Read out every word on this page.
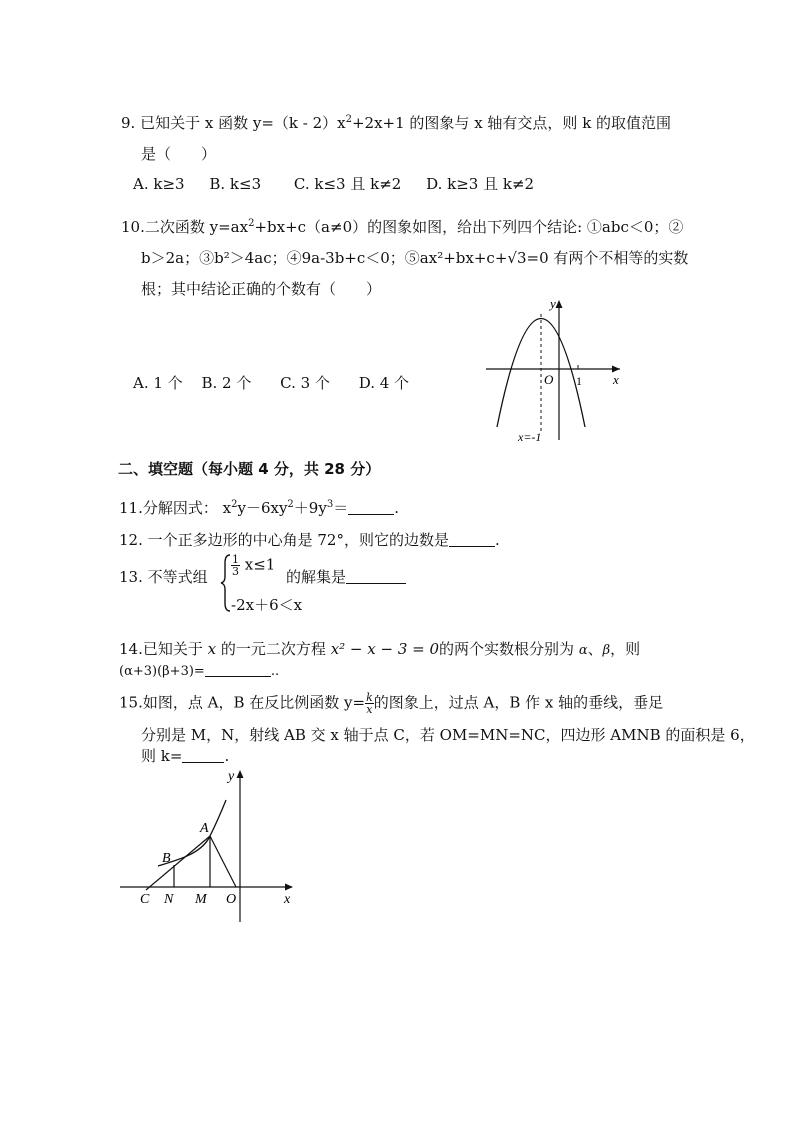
9. 已知关于 x 函数 $y=(k - 2)x^2+2x+1$ 的图象与 x 轴有交点，则 k 的取值范围
是（　　）
A. k≥3 B. k≤3 C. k≤3 且 k≠2 D. k≥3 且 k≠2
10.二次函数 $y=ax^2+bx+c(a\ne 0)$的图象如图，给出下列四个结论: ①abc＜0；②
b＞2a；③b²＞4ac；④9a-3b+c＜0；⑤ax²+bx+c+√3=0 有两个不相等的实数
根；其中结论正确的个数有（　　）
A. 1 个 B. 2 个 C. 3 个 D. 4 个
y
x
O 1
x=-1
二、填空题（每小题 4 分，共 28 分）
11.分解因式： $x^2y-6xy^2+9y^3=$	.
12. 一个正多边形的中心角是 72°，则它的边数是	.
13. 不等式组 $\frac{1}{3} x\le 1$
的解集是
-2x＋6＜x
14.已知关于 x 的一元二次方程 x² − x − 3 = 0的两个实数根分别为 α、β，则
(α+3)(β+3)=	..
15.如图，点 A，B 在反比例函数 $y= \frac{k}{x}$ 的图象上，过点 A，B 作 x 轴的垂线，垂足
分别是 M，N，射线 AB 交 x 轴于点 C，若 OM=MN=NC，四边形 AMNB 的面积是 6，
则 k=	.
y
x
A
B
C N M O
